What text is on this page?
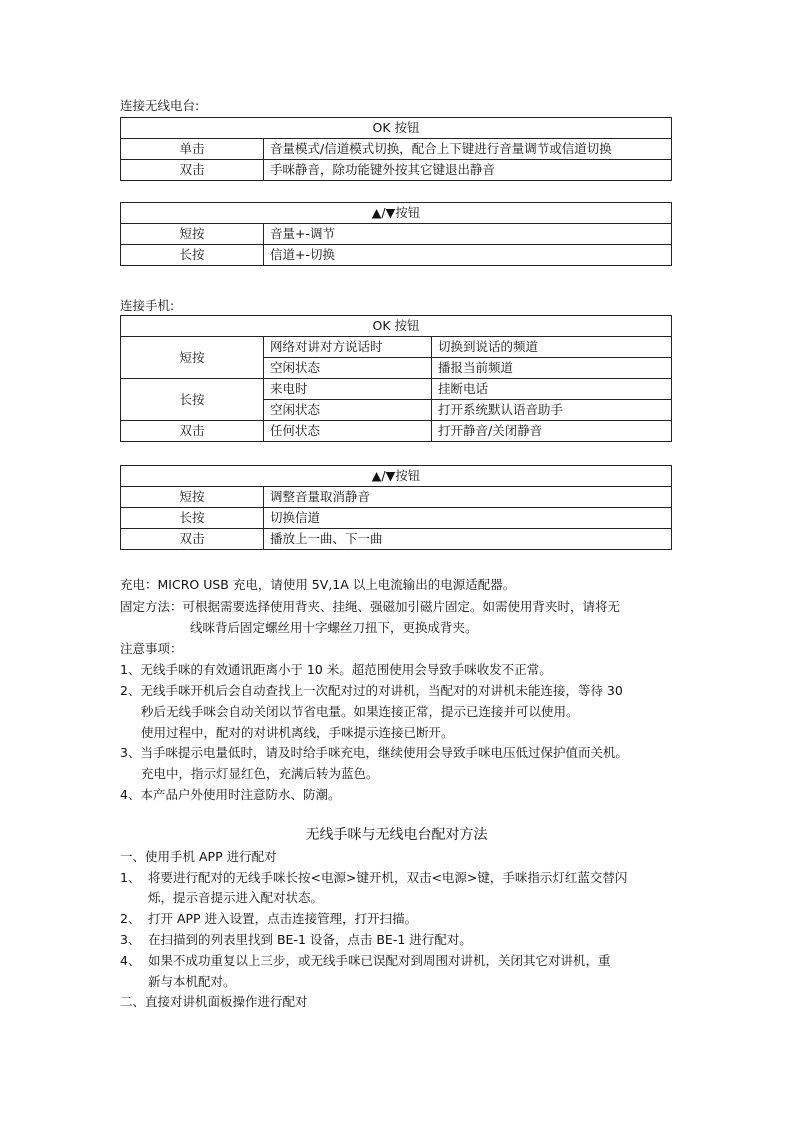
连接无线电台:
OK 按钮	
单击	音量模式/信道模式切换，配合上下键进行音量调节或信道切换
双击	手咪静音，除功能键外按其它键退出静音
▲/▼按钮	
短按	音量+-调节
长按	信道+-切换
连接手机:
OK 按钮		
短按	网络对讲对方说话时	切换到说话的频道
	空闲状态	播报当前频道
长按	来电时	挂断电话
	空闲状态	打开系统默认语音助手
双击	任何状态	打开静音/关闭静音
▲/▼按钮	
短按	调整音量取消静音
长按	切换信道
双击	播放上一曲、下一曲
充电：MICRO USB 充电，请使用 5V,1A 以上电流输出的电源适配器。
固定方法：可根据需要选择使用背夹、挂绳、强磁加引磁片固定。如需使用背夹时，请将无
线咪背后固定螺丝用十字螺丝刀扭下，更换成背夹。
注意事项：
1、无线手咪的有效通讯距离小于 10 米。超范围使用会导致手咪收发不正常。
2、无线手咪开机后会自动查找上一次配对过的对讲机，当配对的对讲机未能连接，等待 30
秒后无线手咪会自动关闭以节省电量。如果连接正常，提示已连接并可以使用。
使用过程中，配对的对讲机离线，手咪提示连接已断开。
3、当手咪提示电量低时，请及时给手咪充电，继续使用会导致手咪电压低过保护值而关机。
充电中，指示灯显红色，充满后转为蓝色。
4、本产品户外使用时注意防水、防潮。
无线手咪与无线电台配对方法
一、使用手机 APP 进行配对
1、 将要进行配对的无线手咪长按<电源>键开机，双击<电源>键，手咪指示灯红蓝交替闪
烁，提示音提示进入配对状态。
2、 打开 APP 进入设置，点击连接管理，打开扫描。
3、 在扫描到的列表里找到 BE-1 设备，点击 BE-1 进行配对。
4、 如果不成功重复以上三步，或无线手咪已误配对到周围对讲机，关闭其它对讲机，重
新与本机配对。
二、直接对讲机面板操作进行配对
